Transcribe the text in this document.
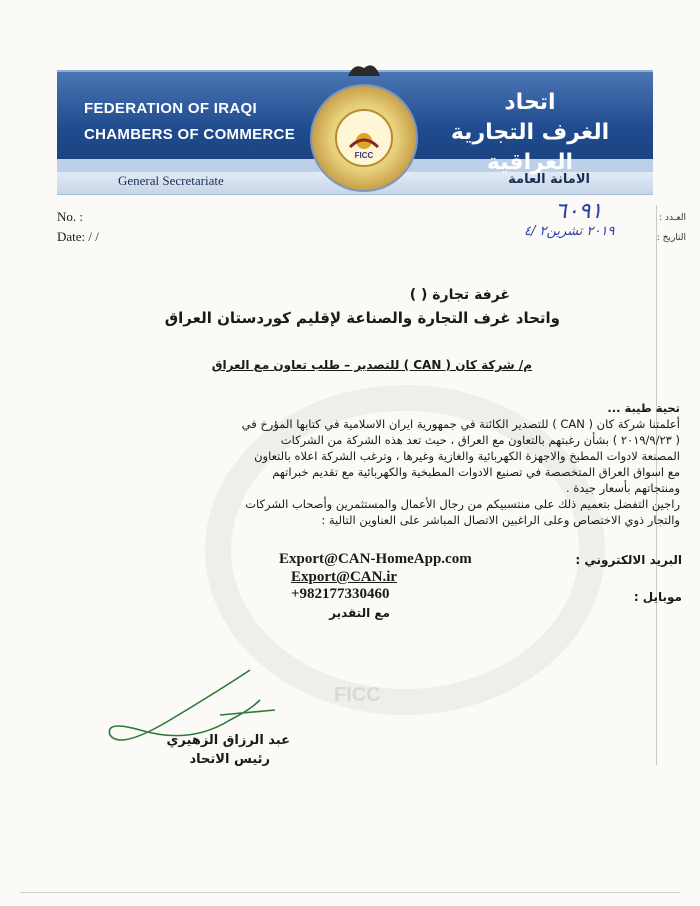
FEDERATION OF IRAQI
CHAMBERS OF COMMERCE
اتحاد
الغرف التجارية العراقية
General Secretariate	الامانة العامة
FICC
No. :
Date: / /
العـدد :
التاريخ :
٦٠٩١
٢٠١٩ تشرين٢ /٤
FICC
غرفة تجارة ( )
واتحاد غرف التجارة والصناعة لإقليم كوردستان العراق
م/ شركة كان ( CAN ) للتصدير – طلب تعاون مع العراق
تحية طيبة ...
أعلمتنا شركة كان ( CAN ) للتصدير الكائنة في جمهورية ايران الاسلامية في كتابها المؤرخ في
( ٢٠١٩/٩/٢٣ ) بشأن رغبتهم بالتعاون مع العراق ، حيث تعد هذه الشركة من الشركات
المصنعة لادوات المطبخ والاجهزة الكهربائية والغازية وغيرها ، وترغب الشركة اعلاه بالتعاون
مع اسواق العراق المتخصصة في تصنيع الادوات المطبخية والكهربائية مع تقديم خبراتهم
ومنتجاتهم بأسعار جيدة .
راجين التفضل بتعميم ذلك على منتسبيكم من رجال الأعمال والمستثمرين وأصحاب الشركات
والتجار ذوي الاختصاص وعلى الراغبين الاتصال المباشر على العناوين التالية :
البريد الالكتروني :
Export@CAN-HomeApp.com
Export@CAN.ir
موبايل :
+982177330460
مع التقدير
عبد الرزاق الزهيري
رئيس الاتحاد
